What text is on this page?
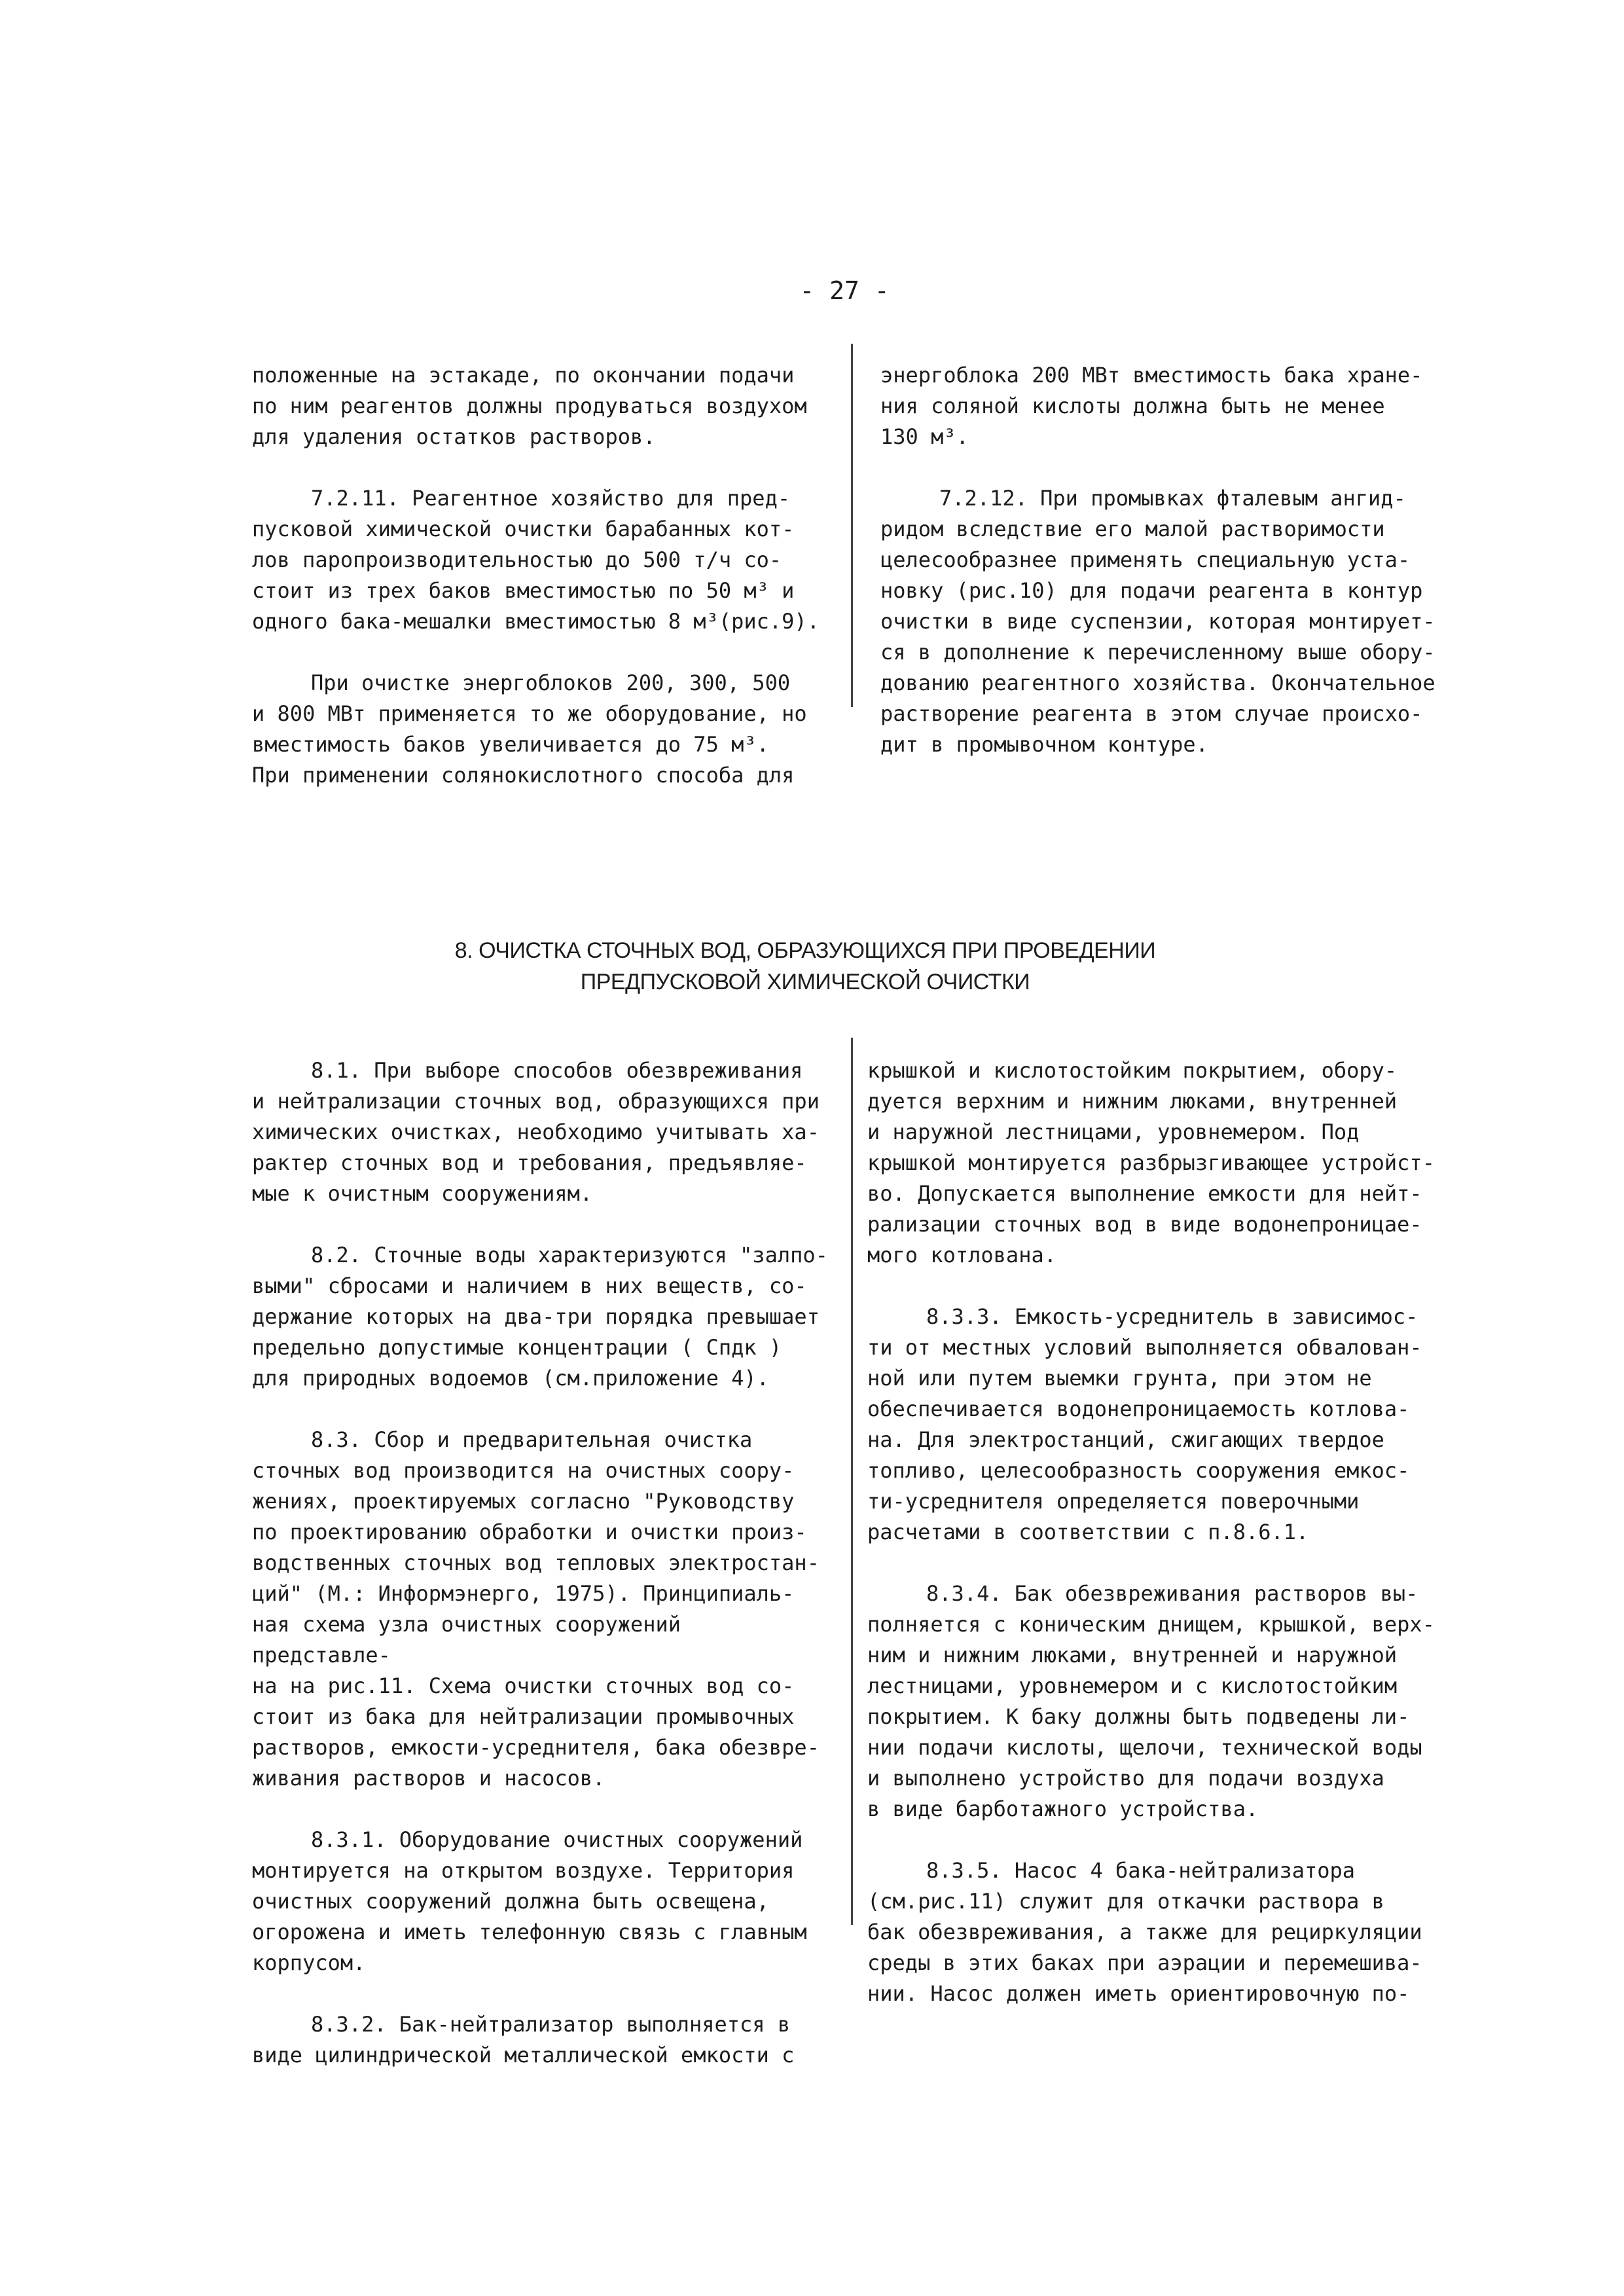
- 27 -

положенные на эстакаде, по окончании подачи
по ним реагентов должны продуваться воздухом
для удаления остатков растворов.

7.2.11. Реагентное хозяйство для пред-
пусковой химической очистки барабанных кот-
лов паропроизводительностью до 500 т/ч со-
стоит из трех баков вместимостью по 50 м³ и
одного бака-мешалки вместимостью 8 м³(рис.9).

При очистке энергоблоков 200, 300, 500
и 800 МВт применяется то же оборудование, но
вместимость баков увеличивается до 75 м³.
При применении солянокислотного способа для

энергоблока 200 МВт вместимость бака хране-
ния соляной кислоты должна быть не менее
130 м³.

7.2.12. При промывках фталевым ангид-
ридом вследствие его малой растворимости
целесообразнее применять специальную уста-
новку (рис.10) для подачи реагента в контур
очистки в виде суспензии, которая монтирует-
ся в дополнение к перечисленному выше обору-
дованию реагентного хозяйства. Окончательное
растворение реагента в этом случае происхо-
дит в промывочном контуре.

8. ОЧИСТКА СТОЧНЫХ ВОД, ОБРАЗУЮЩИХСЯ ПРИ ПРОВЕДЕНИИ
ПРЕДПУСКОВОЙ ХИМИЧЕСКОЙ ОЧИСТКИ

8.1. При выборе способов обезвреживания
и нейтрализации сточных вод, образующихся при
химических очистках, необходимо учитывать ха-
рактер сточных вод и требования, предъявляе-
мые к очистным сооружениям.

8.2. Сточные воды характеризуются "залпо-
выми" сбросами и наличием в них веществ, со-
держание которых на два-три порядка превышает
предельно допустимые концентрации ( Спдк )
для природных водоемов (см.приложение 4).

8.3. Сбор и предварительная очистка
сточных вод производится на очистных соору-
жениях, проектируемых согласно "Руководству
по проектированию обработки и очистки произ-
водственных сточных вод тепловых электростан-
ций" (М.: Информэнерго, 1975). Принципиаль-
ная схема узла очистных сооружений представле-
на на рис.11. Схема очистки сточных вод со-
стоит из бака для нейтрализации промывочных
растворов, емкости-усреднителя, бака обезвре-
живания растворов и насосов.

8.3.1. Оборудование очистных сооружений
монтируется на открытом воздухе. Территория
очистных сооружений должна быть освещена,
огорожена и иметь телефонную связь с главным
корпусом.

8.3.2. Бак-нейтрализатор выполняется в
виде цилиндрической металлической емкости с

крышкой и кислотостойким покрытием, обору-
дуется верхним и нижним люками, внутренней
и наружной лестницами, уровнемером. Под
крышкой монтируется разбрызгивающее устройст-
во. Допускается выполнение емкости для нейт-
рализации сточных вод в виде водонепроницае-
мого котлована.

8.3.3. Емкость-усреднитель в зависимос-
ти от местных условий выполняется обвалован-
ной или путем выемки грунта, при этом не
обеспечивается водонепроницаемость котлова-
на. Для электростанций, сжигающих твердое
топливо, целесообразность сооружения емкос-
ти-усреднителя определяется поверочными
расчетами в соответствии с п.8.6.1.

8.3.4. Бак обезвреживания растворов вы-
полняется с коническим днищем, крышкой, верх-
ним и нижним люками, внутренней и наружной
лестницами, уровнемером и с кислотостойким
покрытием. К баку должны быть подведены ли-
нии подачи кислоты, щелочи, технической воды
и выполнено устройство для подачи воздуха
в виде барботажного устройства.

8.3.5. Насос 4 бака-нейтрализатора
(см.рис.11) служит для откачки раствора в
бак обезвреживания, а также для рециркуляции
среды в этих баках при аэрации и перемешива-
нии. Насос должен иметь ориентировочную по-
